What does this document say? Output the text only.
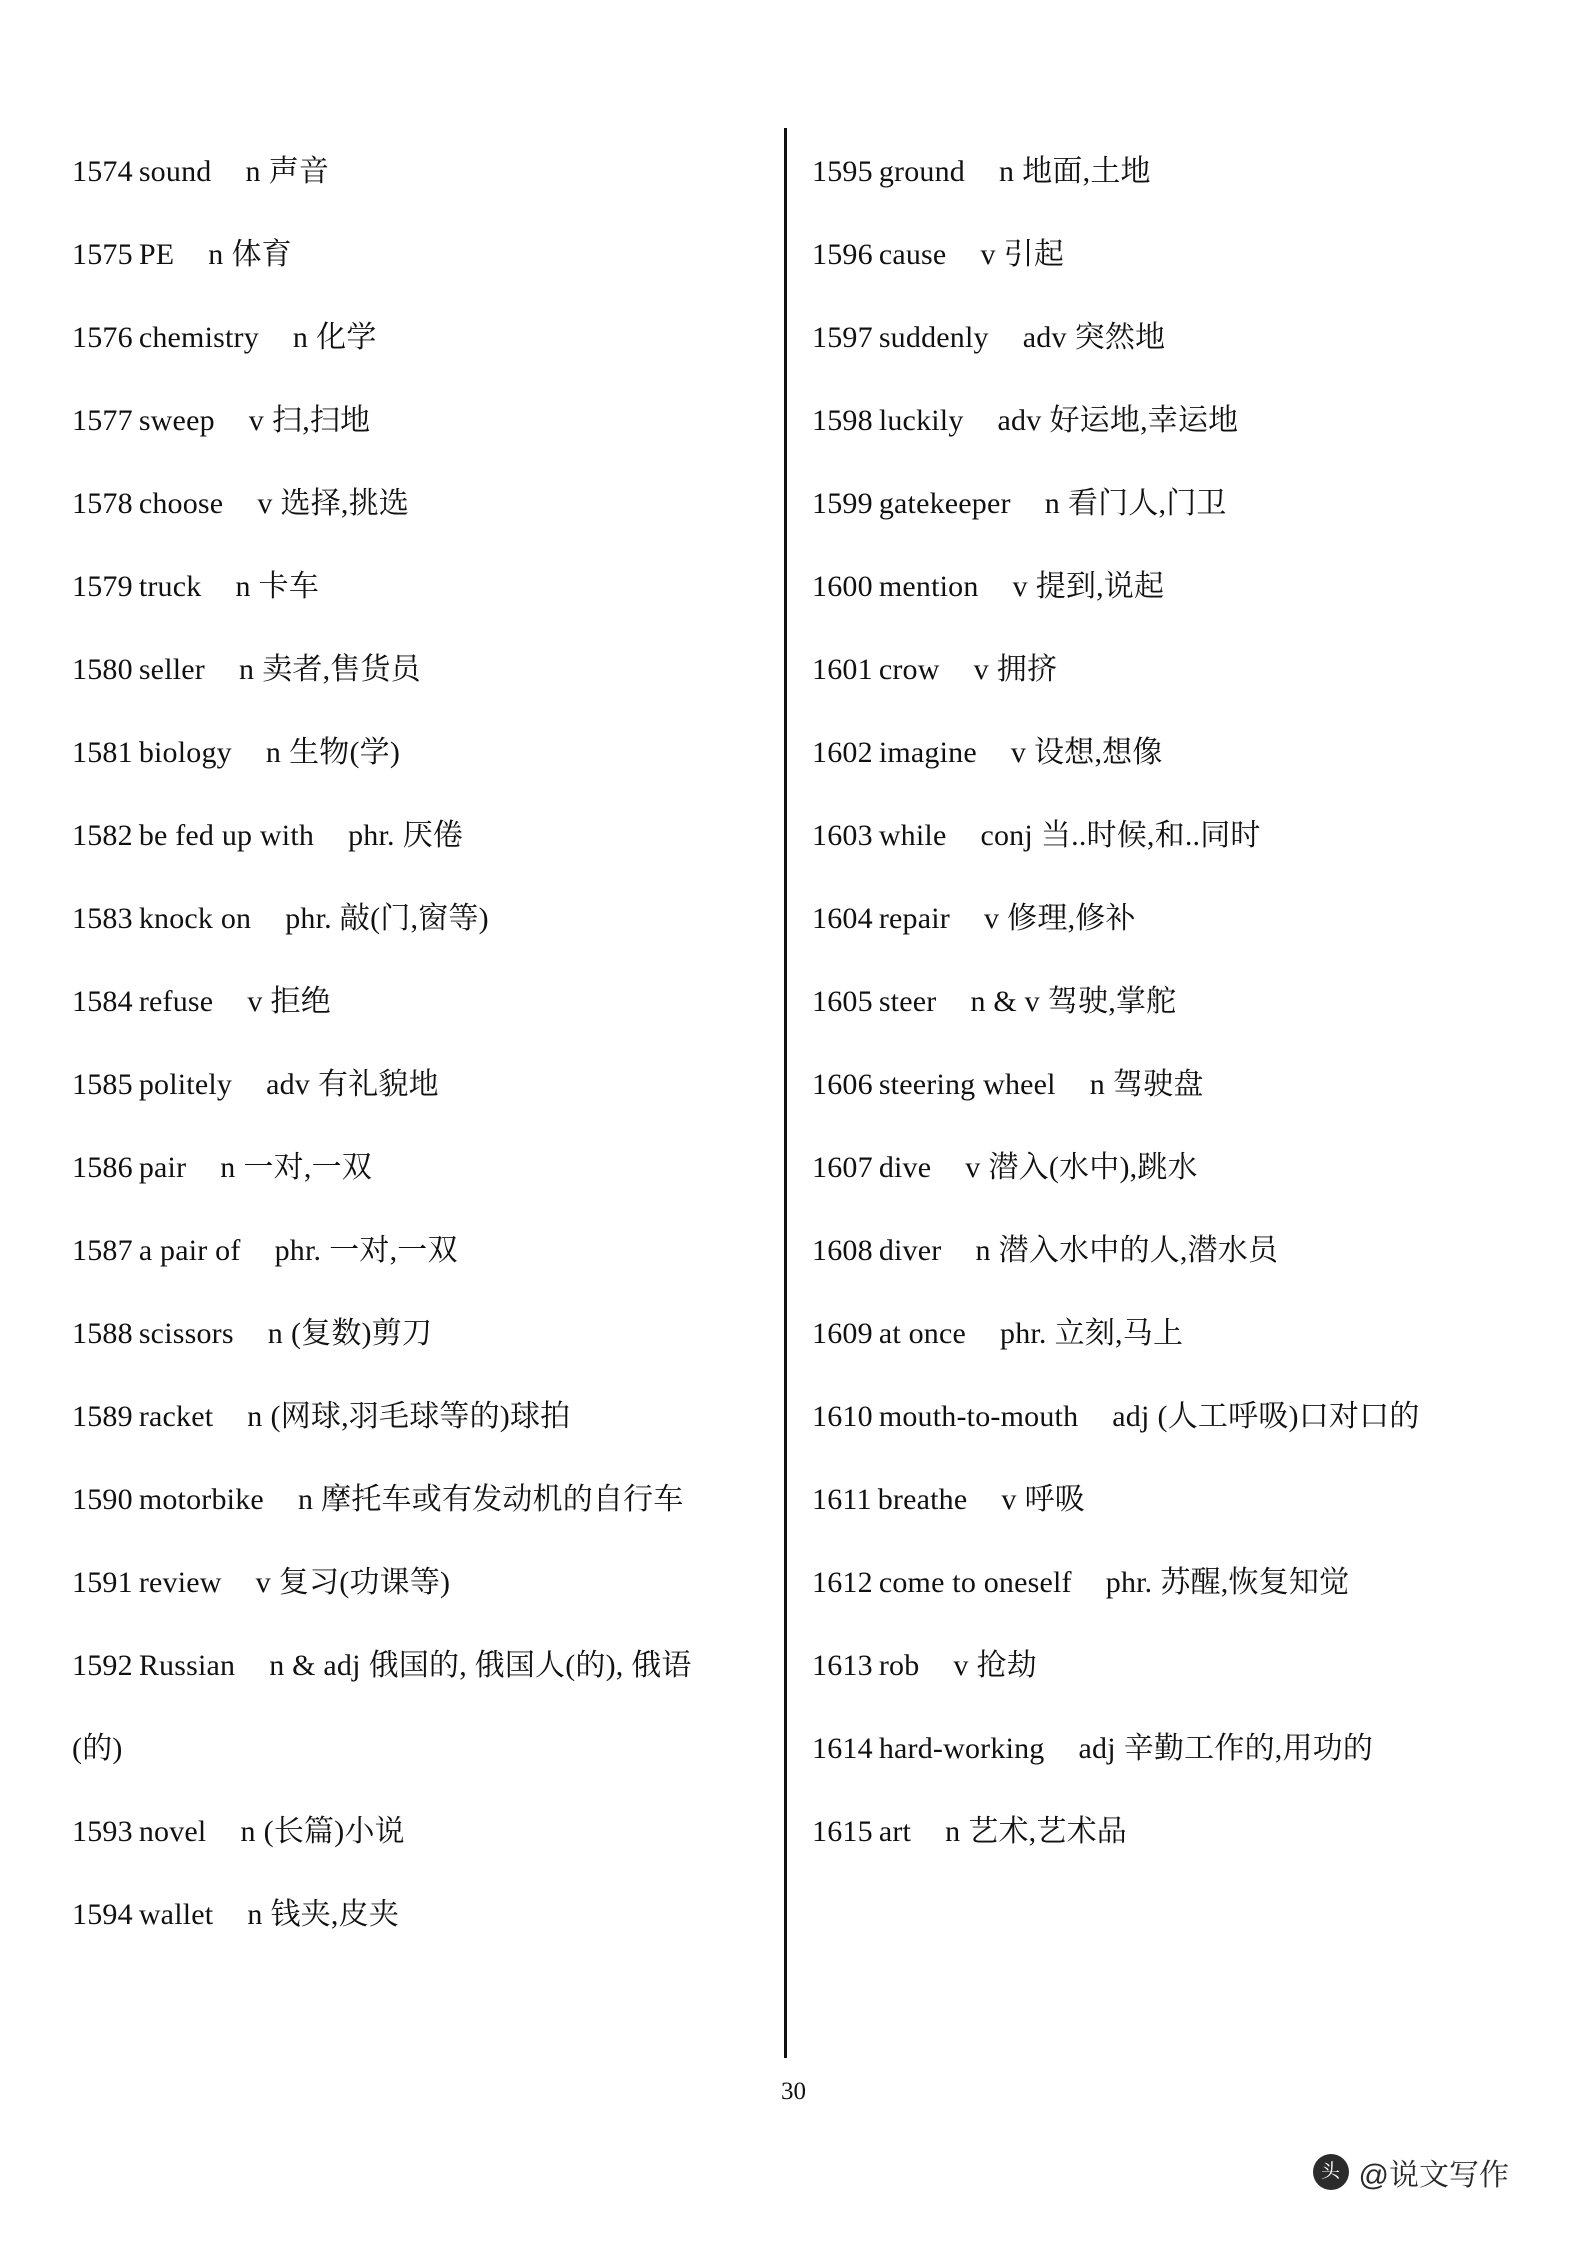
1574 sound n 声音
1575 PE n 体育
1576 chemistry n 化学
1577 sweep v 扫,扫地
1578 choose v 选择,挑选
1579 truck n 卡车
1580 seller n 卖者,售货员
1581 biology n 生物(学)
1582 be fed up with phr. 厌倦
1583 knock on phr. 敲(门,窗等)
1584 refuse v 拒绝
1585 politely adv 有礼貌地
1586 pair n 一对,一双
1587 a pair of phr. 一对,一双
1588 scissors n (复数)剪刀
1589 racket n (网球,羽毛球等的)球拍
1590 motorbike n 摩托车或有发动机的自行车
1591 review v 复习(功课等)
1592 Russian n & adj 俄国的, 俄国人(的), 俄语(的)
1593 novel n (长篇)小说
1594 wallet n 钱夹,皮夹
1595 ground n 地面,土地
1596 cause v 引起
1597 suddenly adv 突然地
1598 luckily adv 好运地,幸运地
1599 gatekeeper n 看门人,门卫
1600 mention v 提到,说起
1601 crow v 拥挤
1602 imagine v 设想,想像
1603 while conj 当..时候,和..同时
1604 repair v 修理,修补
1605 steer n & v 驾驶,掌舵
1606 steering wheel n 驾驶盘
1607 dive v 潜入(水中),跳水
1608 diver n 潜入水中的人,潜水员
1609 at once phr. 立刻,马上
1610 mouth-to-mouth adj (人工呼吸)口对口的
1611 breathe v 呼吸
1612 come to oneself phr. 苏醒,恢复知觉
1613 rob v 抢劫
1614 hard-working adj 辛勤工作的,用功的
1615 art n 艺术,艺术品
30
头条
@说文写作
